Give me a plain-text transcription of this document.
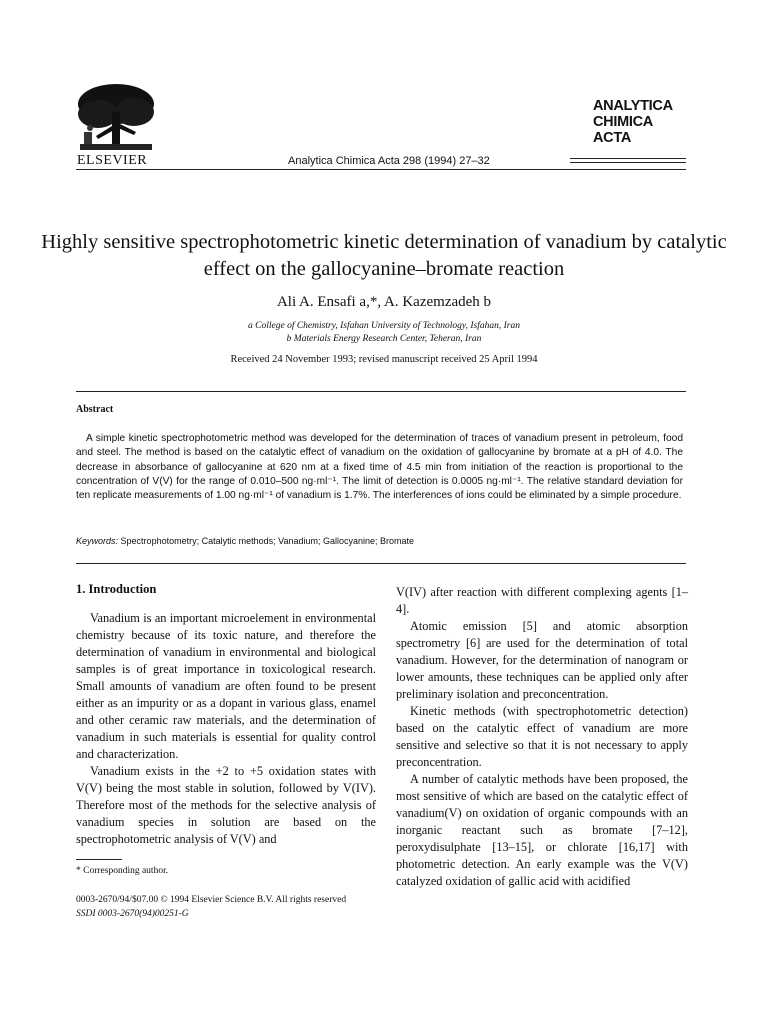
ELSEVIER	Analytica Chimica Acta 298 (1994) 27–32
ANALYTICA
CHIMICA
ACTA
Highly sensitive spectrophotometric kinetic determination of vanadium by catalytic effect on the gallocyanine–bromate reaction
Ali A. Ensafi a,*, A. Kazemzadeh b
a College of Chemistry, Isfahan University of Technology, Isfahan, Iran
b Materials Energy Research Center, Teheran, Iran
Received 24 November 1993; revised manuscript received 25 April 1994
Abstract
A simple kinetic spectrophotometric method was developed for the determination of traces of vanadium present in petroleum, food and steel. The method is based on the catalytic effect of vanadium on the oxidation of gallocyanine by bromate at a pH of 4.0. The decrease in absorbance of gallocyanine at 620 nm at a fixed time of 4.5 min from initiation of the reaction is proportional to the concentration of V(V) for the range of 0.010–500 ng·ml⁻¹. The limit of detection is 0.0005 ng·ml⁻¹. The relative standard deviation for ten replicate measurements of 1.00 ng·ml⁻¹ of vanadium is 1.7%. The interferences of ions could be eliminated by a simple procedure.
Keywords: Spectrophotometry; Catalytic methods; Vanadium; Gallocyanine; Bromate
1. Introduction

Vanadium is an important microelement in environmental chemistry because of its toxic nature, and therefore the determination of vanadium in environmental and biological samples is of great importance in toxicological research. Small amounts of vanadium are often found to be present either as an impurity or as a dopant in various glass, enamel and other ceramic raw materials, and the determination of vanadium in such materials is essential for quality control and characterization.

Vanadium exists in the +2 to +5 oxidation states with V(V) being the most stable in solution, followed by V(IV). Therefore most of the methods for the selective analysis of vanadium species in solution are based on the spectrophotometric analysis of V(V) and

V(IV) after reaction with different complexing agents [1–4].

Atomic emission [5] and atomic absorption spectrometry [6] are used for the determination of total vanadium. However, for the determination of nanogram or lower amounts, these techniques can be applied only after preliminary isolation and preconcentration.

Kinetic methods (with spectrophotometric detection) based on the catalytic effect of vanadium are more sensitive and selective so that it is not necessary to apply preconcentration.

A number of catalytic methods have been proposed, the most sensitive of which are based on the catalytic effect of vanadium(V) on oxidation of organic compounds with an inorganic reactant such as bromate [7–12], peroxydisulphate [13–15], or chlorate [16,17] with photometric detection. An early example was the V(V) catalyzed oxidation of gallic acid with acidified

* Corresponding author.
0003-2670/94/$07.00 © 1994 Elsevier Science B.V. All rights reserved
SSDI 0003-2670(94)00251-G
